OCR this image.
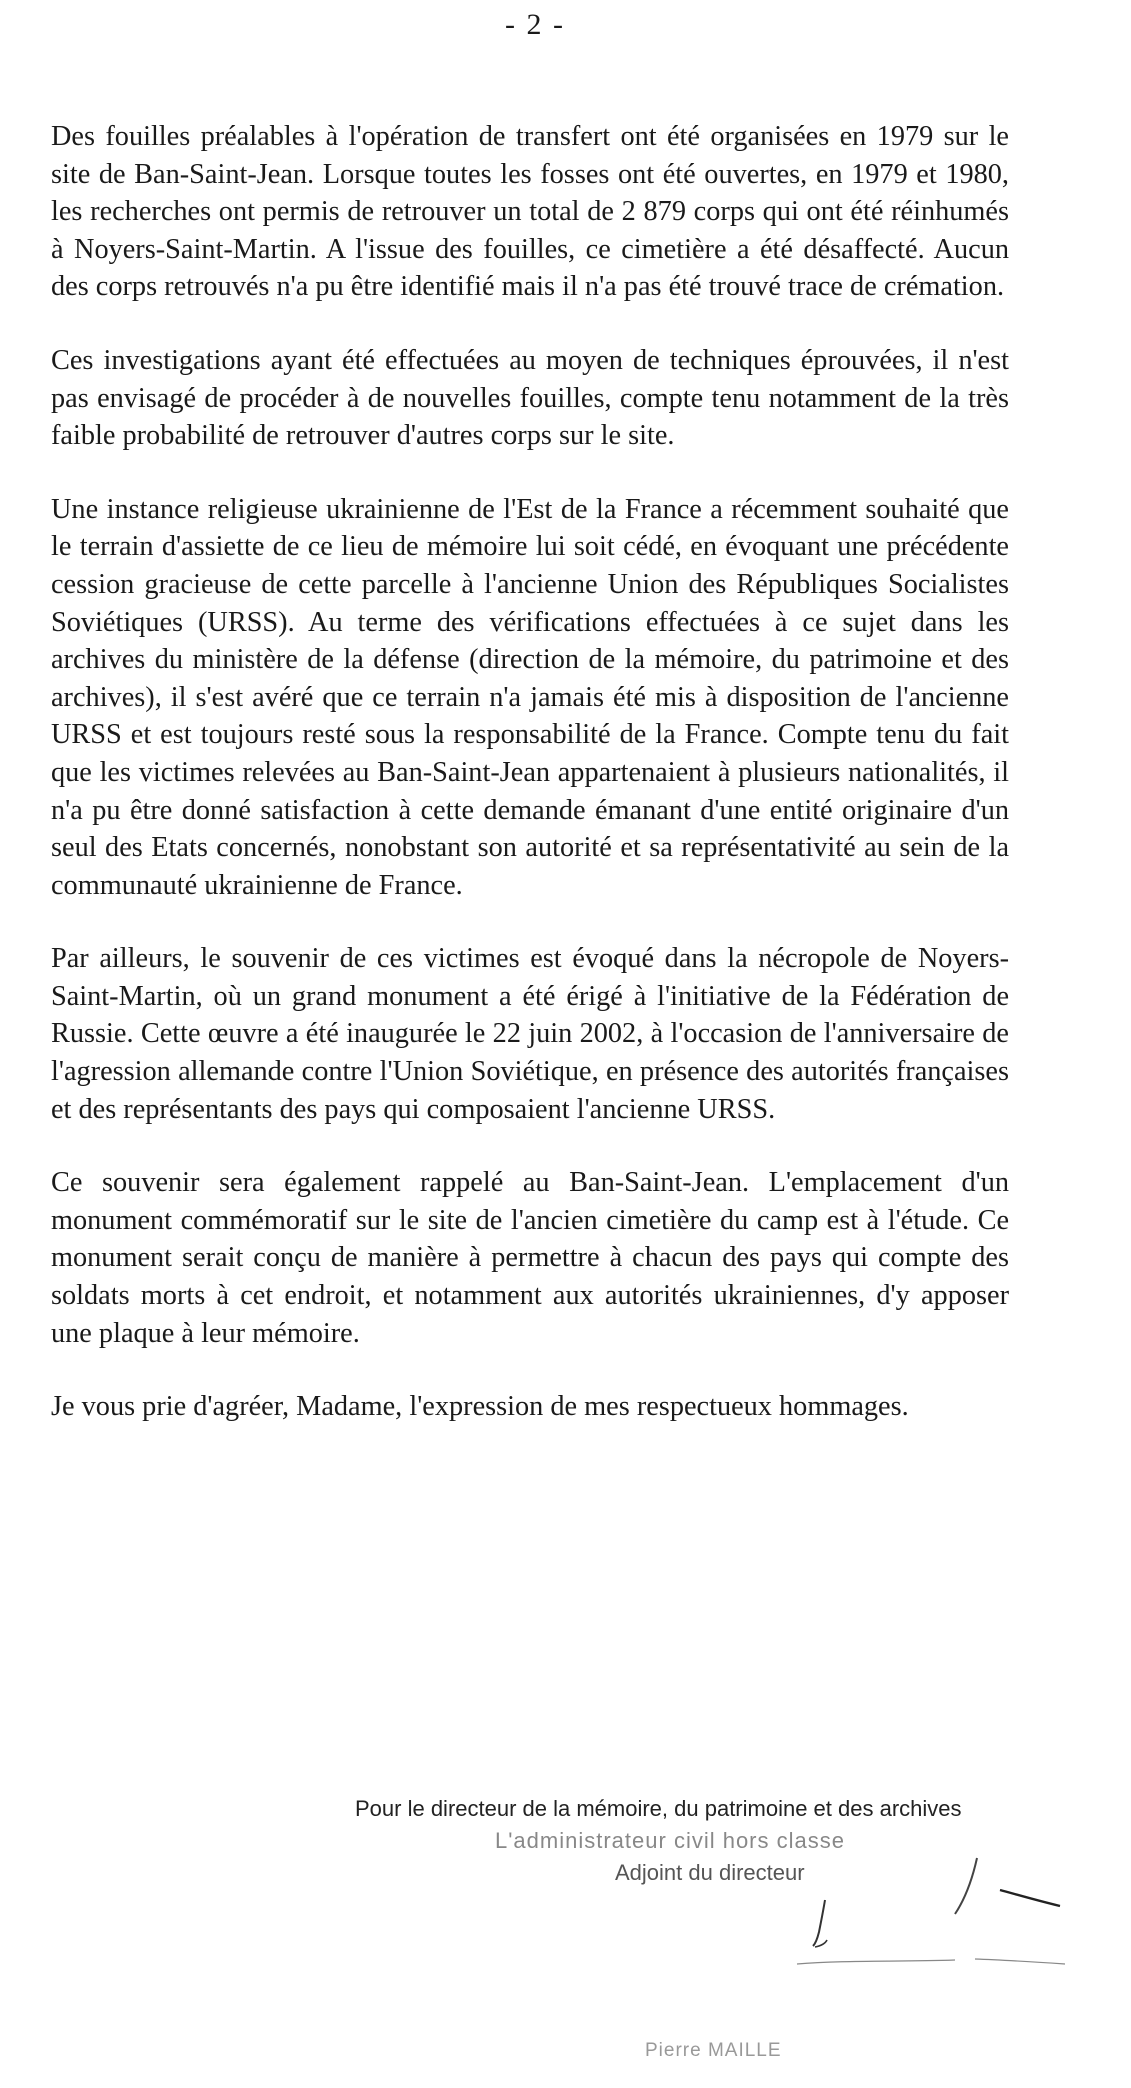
- 2 -

Des fouilles préalables à l'opération de transfert ont été organisées en 1979 sur le site de Ban-Saint-Jean. Lorsque toutes les fosses ont été ouvertes, en 1979 et 1980, les recherches ont permis de retrouver un total de 2 879 corps qui ont été réinhumés à Noyers-Saint-Martin. A l'issue des fouilles, ce cimetière a été désaffecté. Aucun des corps retrouvés n'a pu être identifié mais il n'a pas été trouvé trace de crémation.

Ces investigations ayant été effectuées au moyen de techniques éprouvées, il n'est pas envisagé de procéder à de nouvelles fouilles, compte tenu notamment de la très faible probabilité de retrouver d'autres corps sur le site.

Une instance religieuse ukrainienne de l'Est de la France a récemment souhaité que le terrain d'assiette de ce lieu de mémoire lui soit cédé, en évoquant une précédente cession gracieuse de cette parcelle à l'ancienne Union des Républiques Socialistes Soviétiques (URSS). Au terme des vérifications effectuées à ce sujet dans les archives du ministère de la défense (direction de la mémoire, du patrimoine et des archives), il s'est avéré que ce terrain n'a jamais été mis à disposition de l'ancienne URSS et est toujours resté sous la responsabilité de la France. Compte tenu du fait que les victimes relevées au Ban-Saint-Jean appartenaient à plusieurs nationalités, il n'a pu être donné satisfaction à cette demande émanant d'une entité originaire d'un seul des Etats concernés, nonobstant son autorité et sa représentativité au sein de la communauté ukrainienne de France.

Par ailleurs, le souvenir de ces victimes est évoqué dans la nécropole de Noyers-Saint-Martin, où un grand monument a été érigé à l'initiative de la Fédération de Russie. Cette œuvre a été inaugurée le 22 juin 2002, à l'occasion de l'anniversaire de l'agression allemande contre l'Union Soviétique, en présence des autorités françaises et des représentants des pays qui composaient l'ancienne URSS.

Ce souvenir sera également rappelé au Ban-Saint-Jean. L'emplacement d'un monument commémoratif sur le site de l'ancien cimetière du camp est à l'étude. Ce monument serait conçu de manière à permettre à chacun des pays qui compte des soldats morts à cet endroit, et notamment aux autorités ukrainiennes, d'y apposer une plaque à leur mémoire.

Je vous prie d'agréer, Madame, l'expression de mes respectueux hommages.

Pour le directeur de la mémoire, du patrimoine et des archives
L'administrateur civil hors classe
Adjoint du directeur
Pierre MAILLE
